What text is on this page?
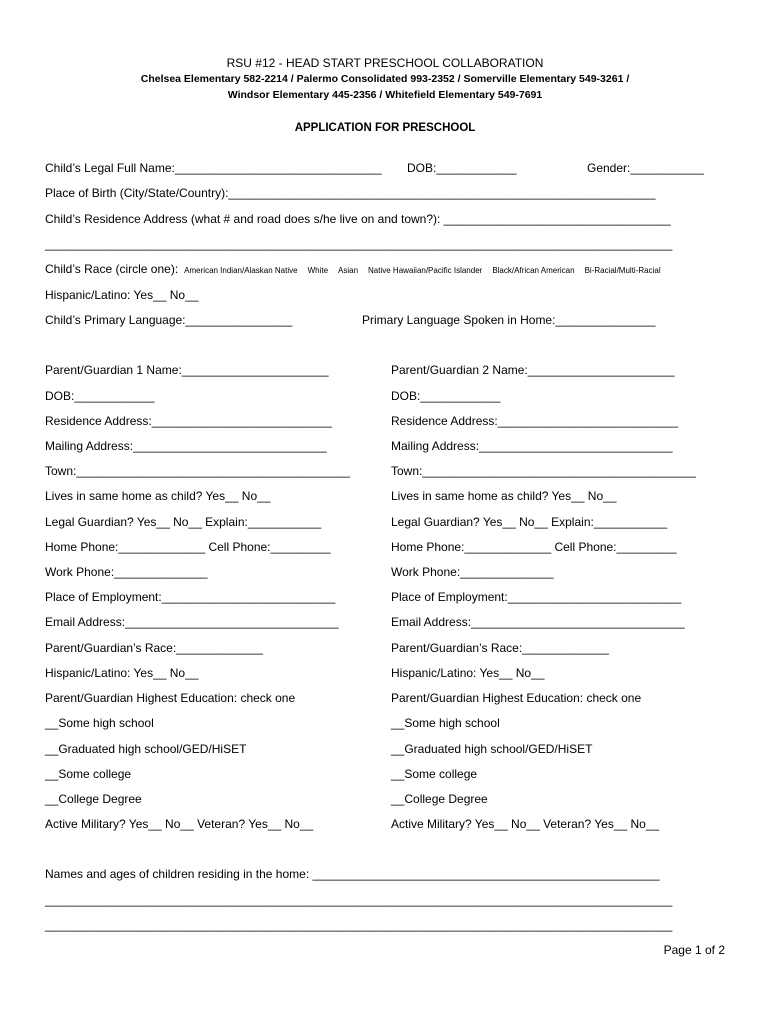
RSU #12 - HEAD START PRESCHOOL COLLABORATION
Chelsea Elementary 582-2214 / Palermo Consolidated 993-2352 / Somerville Elementary 549-3261 /
Windsor Elementary 445-2356 / Whitefield Elementary 549-7691
APPLICATION FOR PRESCHOOL
Child’s Legal Full Name:_______________________________ DOB:____________	Gender:___________
Place of Birth (City/State/Country):________________________________________________________________
Child’s Residence Address (what # and road does s/he live on and town?): __________________________________
______________________________________________________________________________________________
Child’s Race (circle one): American Indian/Alaskan Native White Asian Native Hawaiian/Pacific Islander Black/African American Bi-Racial/Multi-Racial
Hispanic/Latino: Yes__ No__
Child’s Primary Language:________________	Primary Language Spoken in Home:_______________
Parent/Guardian 1 Name:______________________
DOB:____________
Residence Address:___________________________
Mailing Address:_____________________________
Town:_________________________________________
Lives in same home as child? Yes__ No__
Legal Guardian? Yes__ No__ Explain:___________
Home Phone:_____________ Cell Phone:_________
Work Phone:______________
Place of Employment:__________________________
Email Address:________________________________
Parent/Guardian’s Race:_____________
Hispanic/Latino: Yes__ No__
Parent/Guardian Highest Education: check one
__Some high school
__Graduated high school/GED/HiSET
__Some college
__College Degree
Active Military? Yes__ No__ Veteran? Yes__ No__
Parent/Guardian 2 Name:______________________
DOB:____________
Residence Address:___________________________
Mailing Address:_____________________________
Town:_________________________________________
Lives in same home as child? Yes__ No__
Legal Guardian? Yes__ No__ Explain:___________
Home Phone:_____________ Cell Phone:_________
Work Phone:______________
Place of Employment:__________________________
Email Address:________________________________
Parent/Guardian’s Race:_____________
Hispanic/Latino: Yes__ No__
Parent/Guardian Highest Education: check one
__Some high school
__Graduated high school/GED/HiSET
__Some college
__College Degree
Active Military? Yes__ No__ Veteran? Yes__ No__
Names and ages of children residing in the home: ____________________________________________________
______________________________________________________________________________________________
______________________________________________________________________________________________
Page 1 of 2
